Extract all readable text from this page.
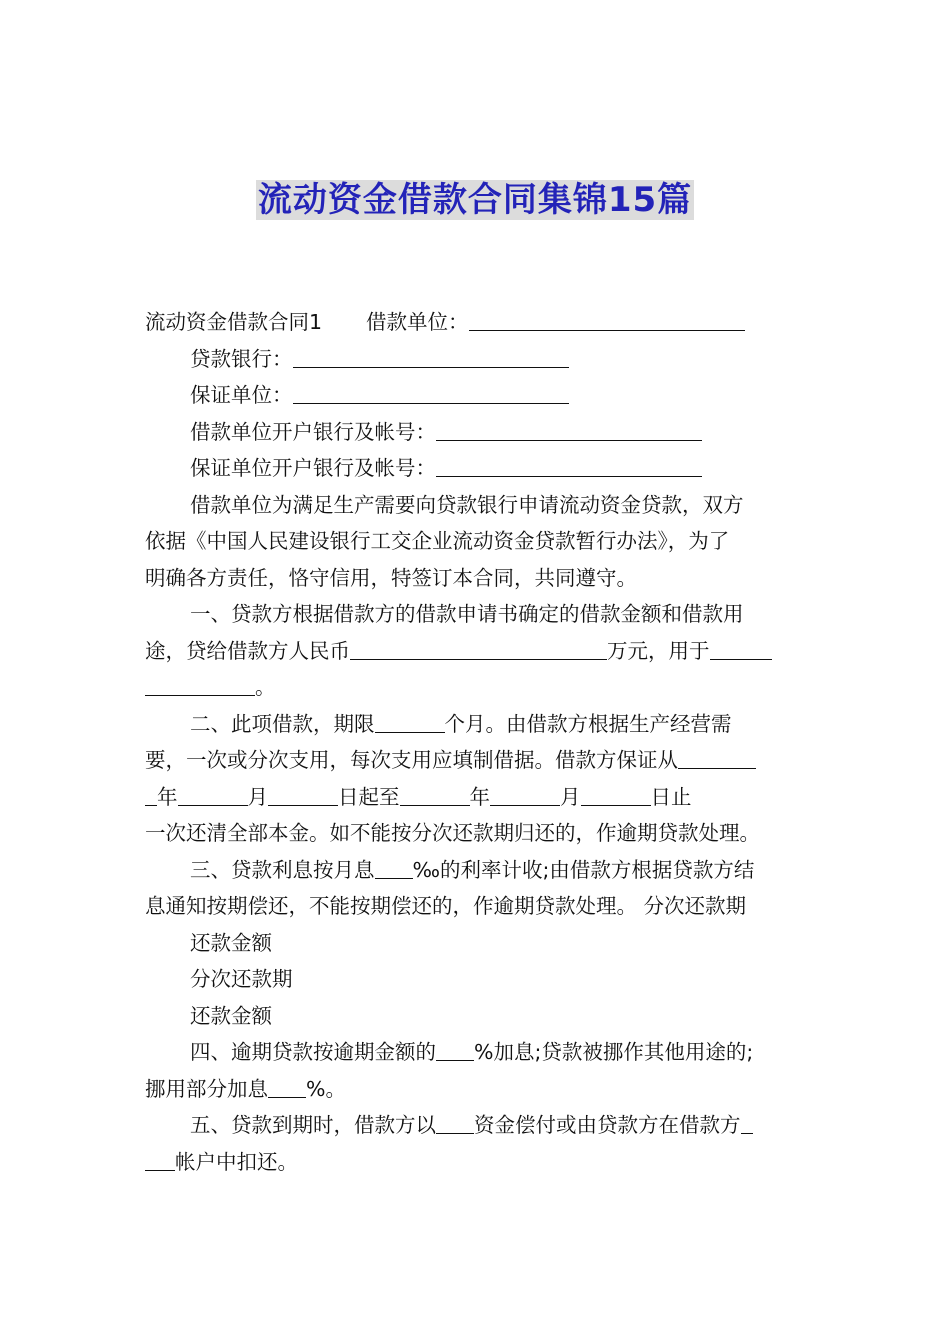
流动资金借款合同集锦15篇
流动资金借款合同1 借款单位：
贷款银行：
保证单位：
借款单位开户银行及帐号：
保证单位开户银行及帐号：
借款单位为满足生产需要向贷款银行申请流动资金贷款，双方
依据《中国人民建设银行工交企业流动资金贷款暂行办法》，为了
明确各方责任，恪守信用，特签订本合同，共同遵守。
一、贷款方根据借款方的借款申请书确定的借款金额和借款用
途，贷给借款方人民币	万元，用于
。
二、此项借款，期限	个月。由借款方根据生产经营需
要，一次或分次支用，每次支用应填制借据。借款方保证从
年	月	日起至	年	月	日止
一次还清全部本金。如不能按分次还款期归还的，作逾期贷款处理。
三、贷款利息按月息 ‰的利率计收;由借款方根据贷款方结
息通知按期偿还，不能按期偿还的，作逾期贷款处理。 分次还款期
还款金额
分次还款期
还款金额
四、逾期贷款按逾期金额的 %加息;贷款被挪作其他用途的;
挪用部分加息 %。
五、贷款到期时，借款方以 资金偿付或由贷款方在借款方
帐户中扣还。
